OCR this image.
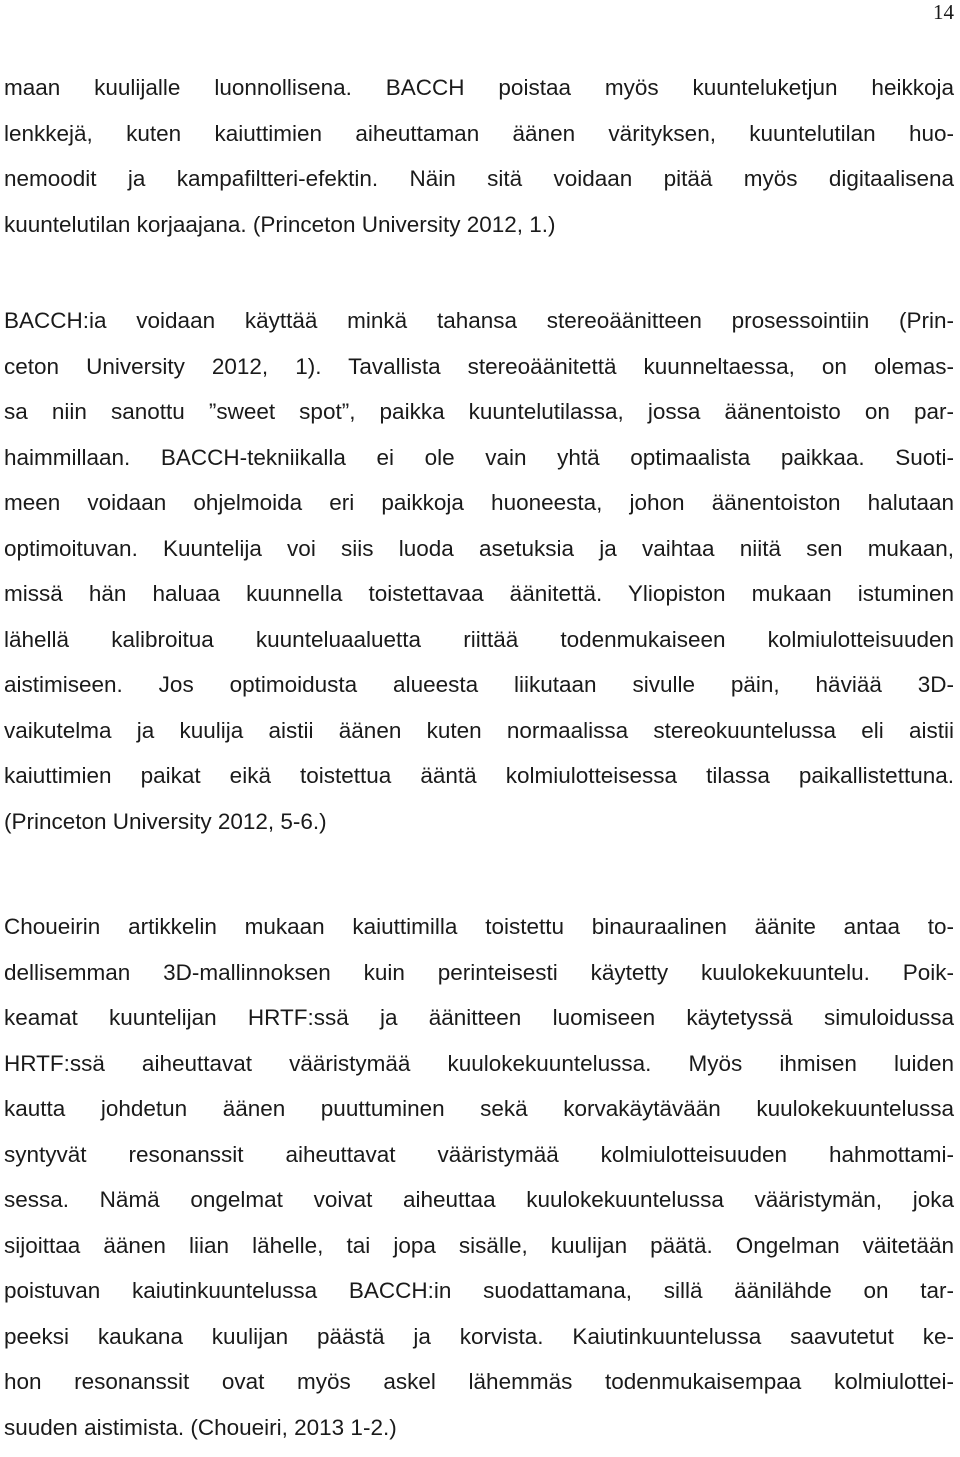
14

maan kuulijalle luonnollisena. BACCH poistaa myös kuunteluketjun heikkoja
lenkkejä, kuten kaiuttimien aiheuttaman äänen värityksen, kuuntelutilan huo-
nemoodit ja kampafiltteri-efektin. Näin sitä voidaan pitää myös digitaalisena
kuuntelutilan korjaajana. (Princeton University 2012, 1.)

BACCH:ia voidaan käyttää minkä tahansa stereoäänitteen prosessointiin (Prin-
ceton University 2012, 1). Tavallista stereoäänitettä kuunneltaessa, on olemas-
sa niin sanottu ”sweet spot”, paikka kuuntelutilassa, jossa äänentoisto on par-
haimmillaan. BACCH-tekniikalla ei ole vain yhtä optimaalista paikkaa. Suoti-
meen voidaan ohjelmoida eri paikkoja huoneesta, johon äänentoiston halutaan
optimoituvan. Kuuntelija voi siis luoda asetuksia ja vaihtaa niitä sen mukaan,
missä hän haluaa kuunnella toistettavaa äänitettä. Yliopiston mukaan istuminen
lähellä kalibroitua kuunteluaaluetta riittää todenmukaiseen kolmiulotteisuuden
aistimiseen. Jos optimoidusta alueesta liikutaan sivulle päin, häviää 3D-
vaikutelma ja kuulija aistii äänen kuten normaalissa stereokuuntelussa eli aistii
kaiuttimien paikat eikä toistettua ääntä kolmiulotteisessa tilassa paikallistettuna.
(Princeton University 2012, 5-6.)

Choueirin artikkelin mukaan kaiuttimilla toistettu binauraalinen äänite antaa to-
dellisemman 3D-mallinnoksen kuin perinteisesti käytetty kuulokekuuntelu. Poik-
keamat kuuntelijan HRTF:ssä ja äänitteen luomiseen käytetyssä simuloidussa
HRTF:ssä aiheuttavat vääristymää kuulokekuuntelussa. Myös ihmisen luiden
kautta johdetun äänen puuttuminen sekä korvakäytävään kuulokekuuntelussa
syntyvät resonanssit aiheuttavat vääristymää kolmiulotteisuuden hahmottami-
sessa. Nämä ongelmat voivat aiheuttaa kuulokekuuntelussa vääristymän, joka
sijoittaa äänen liian lähelle, tai jopa sisälle, kuulijan päätä. Ongelman väitetään
poistuvan kaiutinkuuntelussa BACCH:in suodattamana, sillä äänilähde on tar-
peeksi kaukana kuulijan päästä ja korvista. Kaiutinkuuntelussa saavutetut ke-
hon resonanssit ovat myös askel lähemmäs todenmukaisempaa kolmiulottei-
suuden aistimista. (Choueiri, 2013 1-2.)
